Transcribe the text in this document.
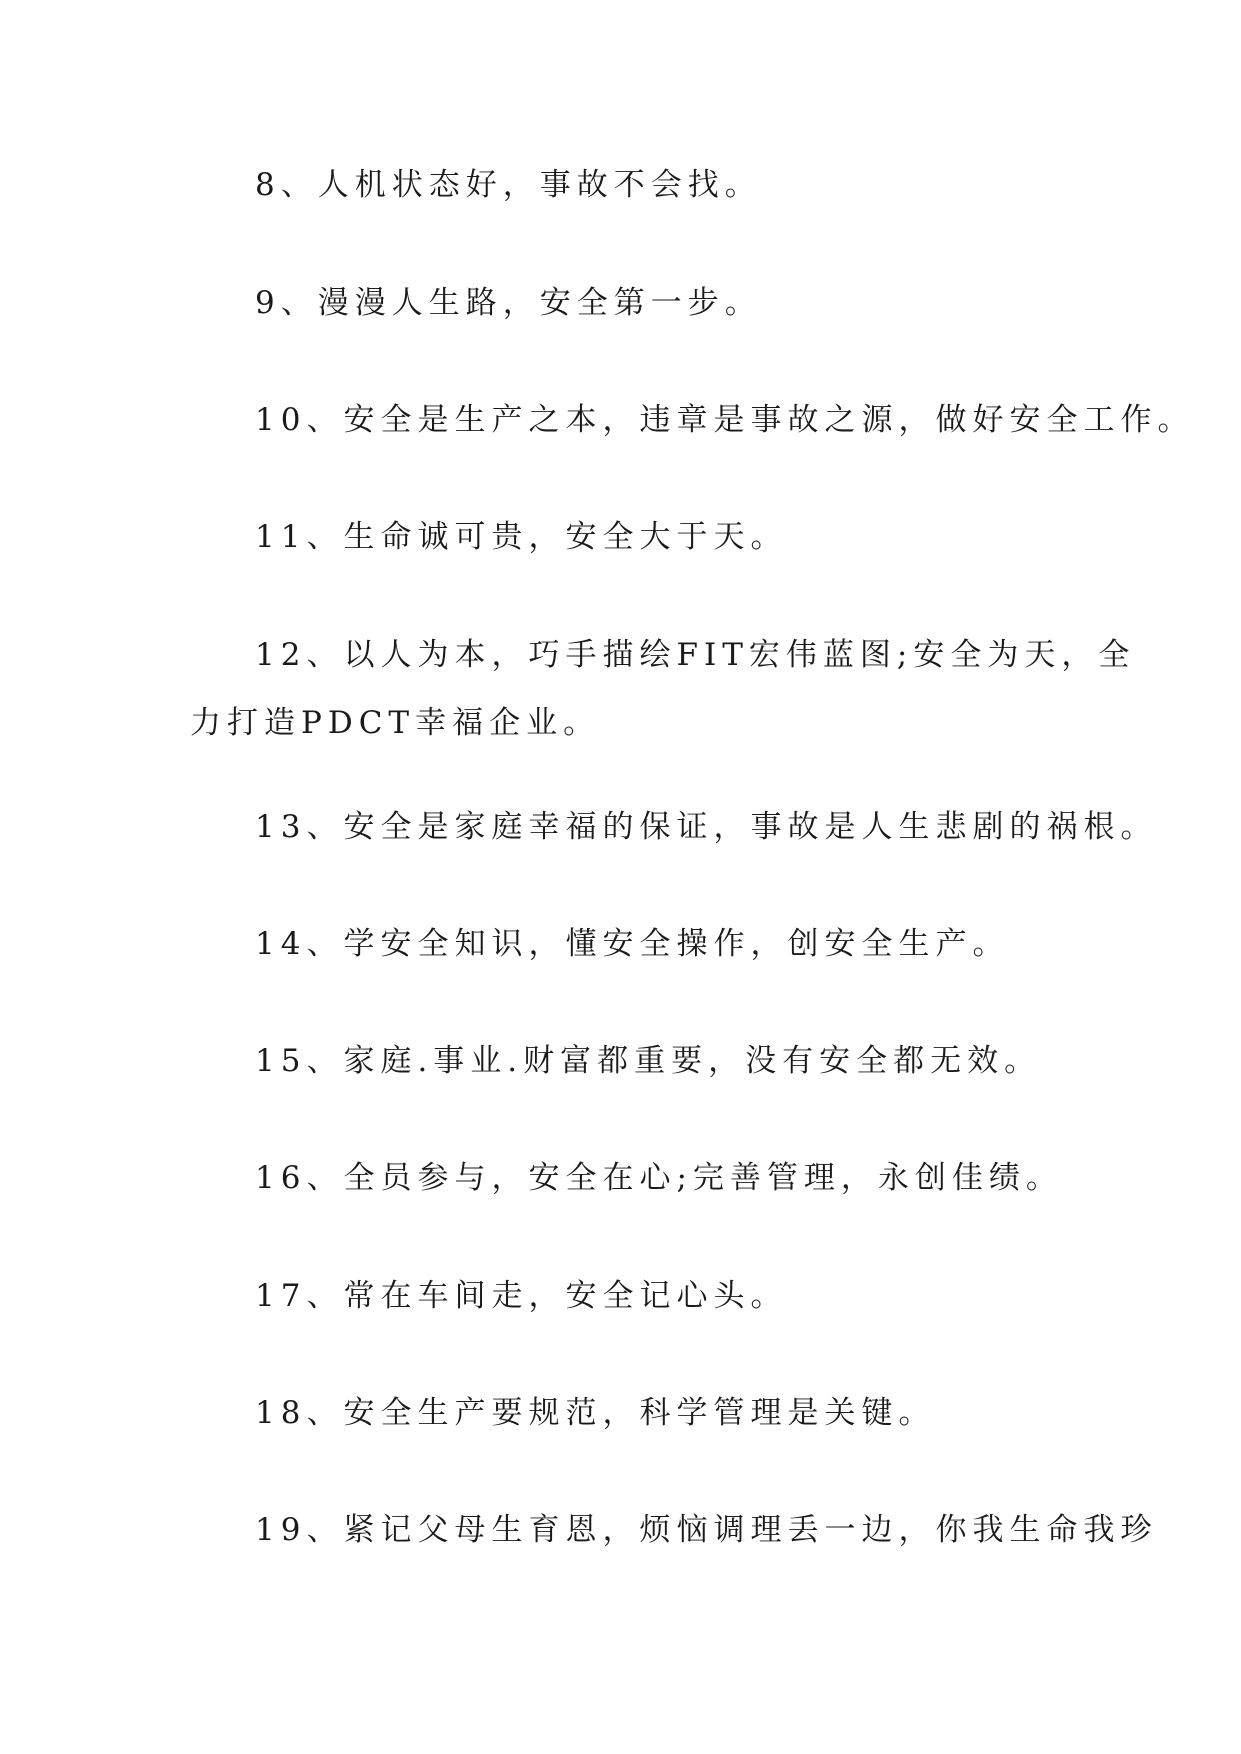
8、人机状态好，事故不会找。

9、漫漫人生路，安全第一步。

10、安全是生产之本，违章是事故之源，做好安全工作。

11、生命诚可贵，安全大于天。

12、以人为本，巧手描绘FIT宏伟蓝图;安全为天，全
力打造PDCT幸福企业。

13、安全是家庭幸福的保证，事故是人生悲剧的祸根。

14、学安全知识，懂安全操作，创安全生产。

15、家庭.事业.财富都重要，没有安全都无效。

16、全员参与，安全在心;完善管理，永创佳绩。

17、常在车间走，安全记心头。

18、安全生产要规范，科学管理是关键。

19、紧记父母生育恩，烦恼调理丢一边，你我生命我珍
